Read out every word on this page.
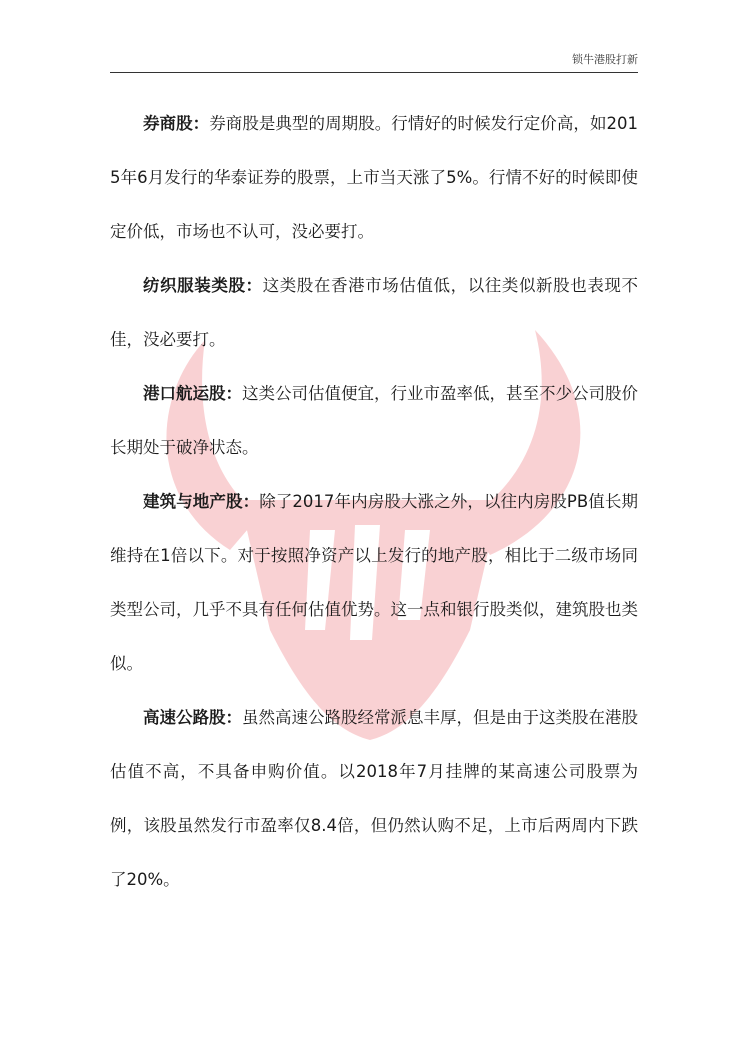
锁牛港股打新

券商股：券商股是典型的周期股。行情好的时候发行定价高，如2015年6月发行的华泰证券的股票，上市当天涨了5%。行情不好的时候即使定价低，市场也不认可，没必要打。

纺织服装类股：这类股在香港市场估值低，以往类似新股也表现不佳，没必要打。

港口航运股：这类公司估值便宜，行业市盈率低，甚至不少公司股价长期处于破净状态。

建筑与地产股：除了2017年内房股大涨之外，以往内房股PB值长期维持在1倍以下。对于按照净资产以上发行的地产股，相比于二级市场同类型公司，几乎不具有任何估值优势。这一点和银行股类似，建筑股也类似。

高速公路股：虽然高速公路股经常派息丰厚，但是由于这类股在港股估值不高，不具备申购价值。以2018年7月挂牌的某高速公司股票为例，该股虽然发行市盈率仅8.4倍，但仍然认购不足，上市后两周内下跌了20%。
